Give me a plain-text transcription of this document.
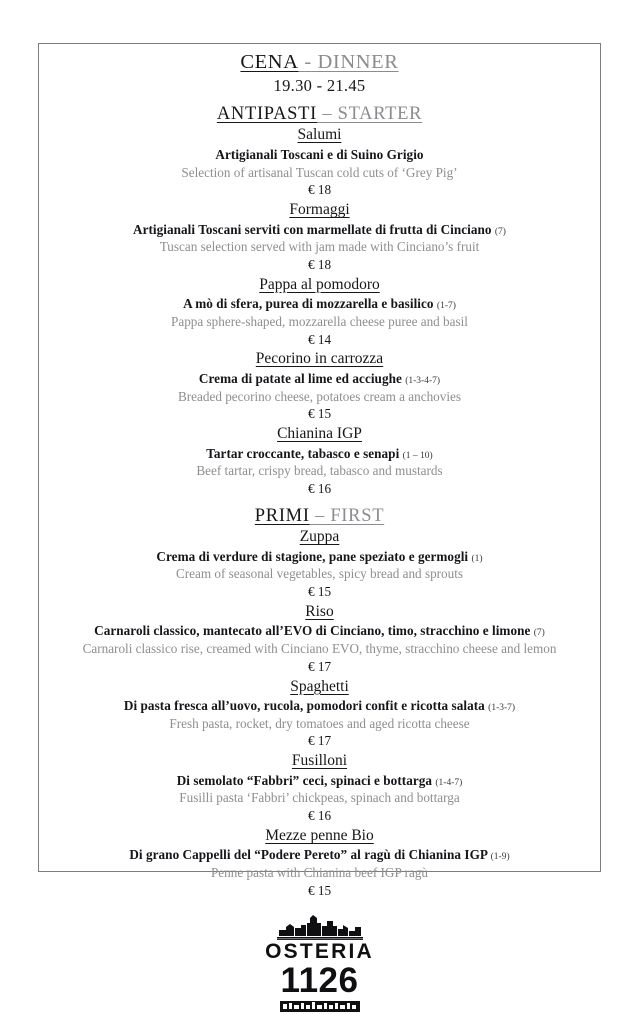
CENA - DINNER
19.30 - 21.45
ANTIPASTI – STARTER
Salumi
Artigianali Toscani e di Suino Grigio
Selection of artisanal Tuscan cold cuts of ‘Grey Pig’
€ 18
Formaggi
Artigianali Toscani serviti con marmellate di frutta di Cinciano (7)
Tuscan selection served with jam made with Cinciano’s fruit
€ 18
Pappa al pomodoro
A mò di sfera, purea di mozzarella e basilico (1-7)
Pappa sphere-shaped, mozzarella cheese puree and basil
€ 14
Pecorino in carrozza
Crema di patate al lime ed acciughe (1-3-4-7)
Breaded pecorino cheese, potatoes cream a anchovies
€ 15
Chianina IGP
Tartar croccante, tabasco e senapi (1 – 10)
Beef tartar, crispy bread, tabasco and mustards
€ 16
PRIMI – FIRST
Zuppa
Crema di verdure di stagione, pane speziato e germogli (1)
Cream of seasonal vegetables, spicy bread and sprouts
€ 15
Riso
Carnaroli classico, mantecato all’EVO di Cinciano, timo, stracchino e limone (7)
Carnaroli classico rise, creamed with Cinciano EVO, thyme, stracchino cheese and lemon
€ 17
Spaghetti
Di pasta fresca all’uovo, rucola, pomodori confit e ricotta salata (1-3-7)
Fresh pasta, rocket, dry tomatoes and aged ricotta cheese
€ 17
Fusilloni
Di semolato “Fabbri” ceci, spinaci e bottarga (1-4-7)
Fusilli pasta ‘Fabbri’ chickpeas, spinach and bottarga
€ 16
Mezze penne Bio
Di grano Cappelli del “Podere Pereto” al ragù di Chianina IGP (1-9)
Penne pasta with Chianina beef IGP ragù
€ 15
OSTERIA
1126
